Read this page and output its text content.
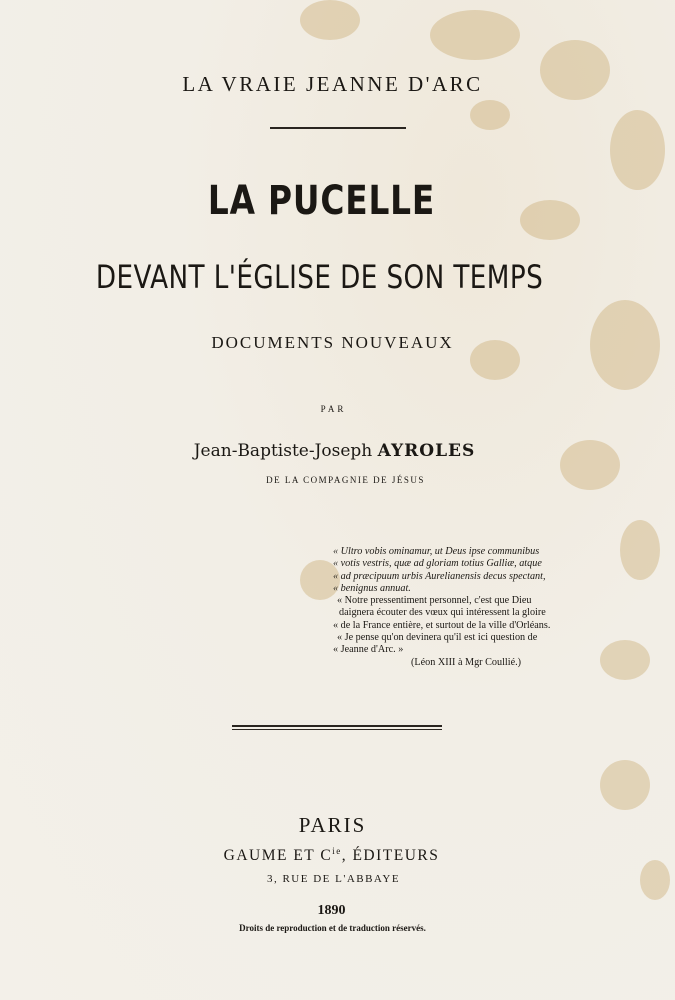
LA VRAIE JEANNE D'ARC
LA PUCELLE
DEVANT L'ÉGLISE DE SON TEMPS
DOCUMENTS NOUVEAUX
PAR
Jean-Baptiste-Joseph AYROLES
DE LA COMPAGNIE DE JÉSUS
« Ultro vobis ominamur, ut Deus ipse communibus
« votis vestris, quæ ad gloriam totius Galliæ, atque
« ad præcipuum urbis Aurelianensis decus spectant,
« benignus annuat.
« Notre pressentiment personnel, c'est que Dieu
daignera écouter des vœux qui intéressent la gloire
« de la France entière, et surtout de la ville d'Orléans.
« Je pense qu'on devinera qu'il est ici question de
« Jeanne d'Arc. »
(Léon XIII à Mgr Coullié.)
PARIS
GAUME ET $C^{ie}$, ÉDITEURS
3, RUE DE L'ABBAYE
1890
Droits de reproduction et de traduction réservés.
